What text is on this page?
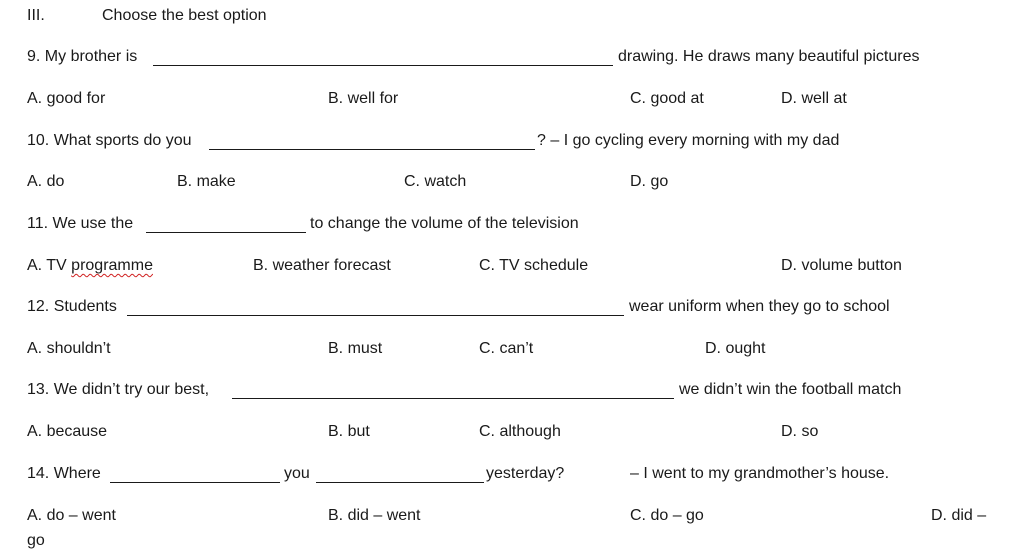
III.	Choose the best option
9. My brother is	drawing. He draws many beautiful pictures
A. good for	B. well for	C. good at	D. well at
10. What sports do you	? – I go cycling every morning with my dad
A. do	B. make	C. watch	D. go
11. We use the	to change the volume of the television
A. TV programme	B. weather forecast	C. TV schedule	D. volume button
12. Students	wear uniform when they go to school
A. shouldn’t	B. must	C. can’t	D. ought
13. We didn’t try our best,	we didn’t win the football match
A. because	B. but	C. although	D. so
14. Where	you	yesterday?	– I went to my grandmother’s house.
A. do – went	B. did – went	C. do – go	D. did –
go
